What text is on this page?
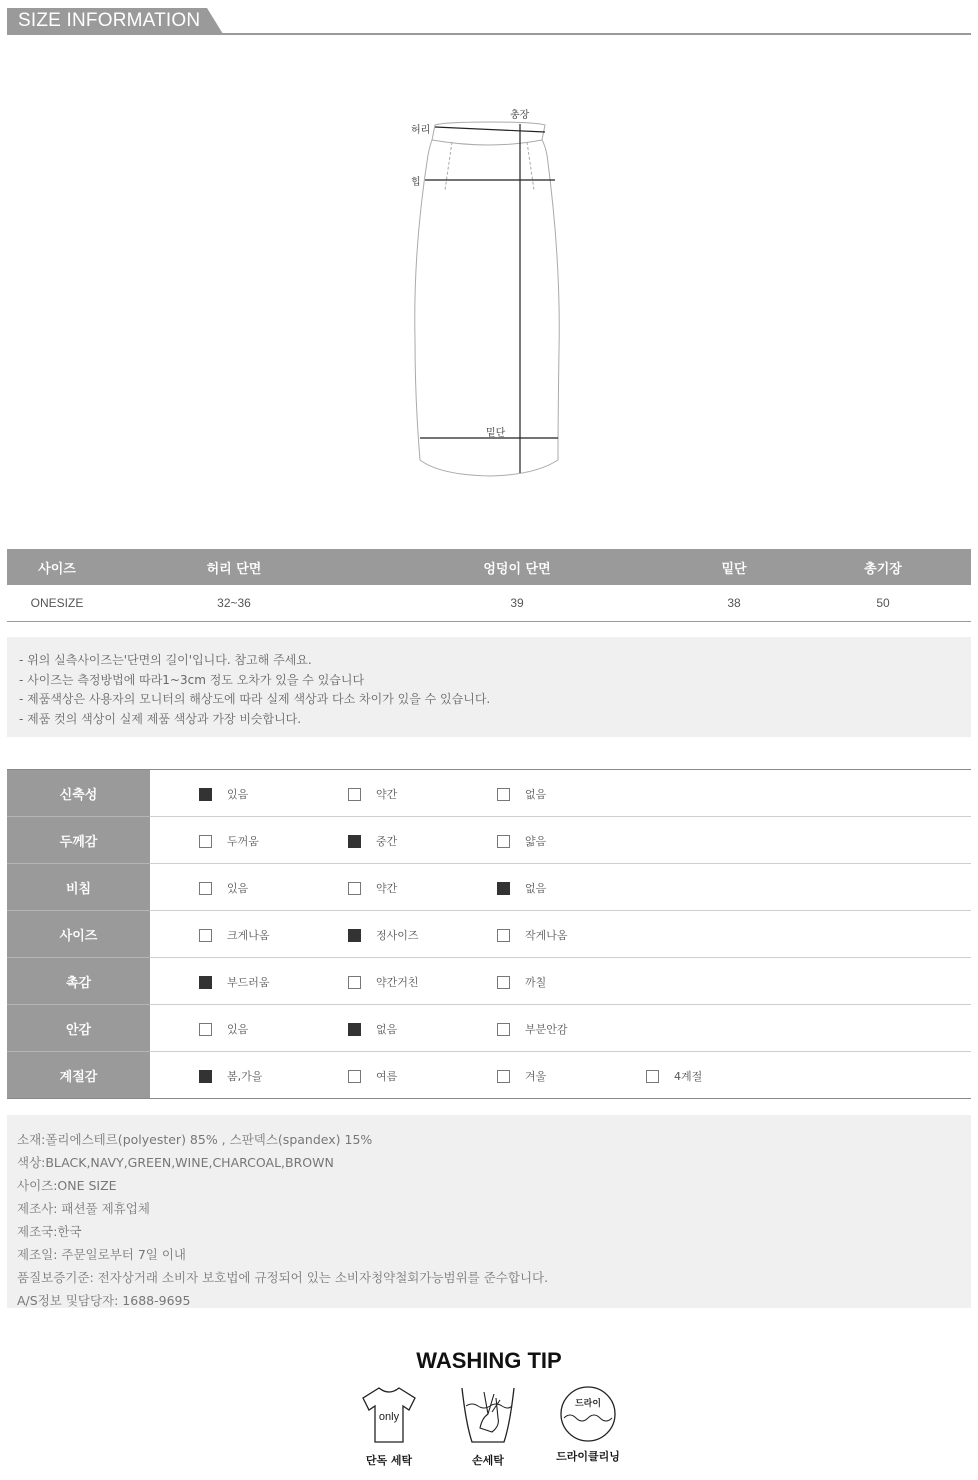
SIZE INFORMATION
총장
허리
힙
밑단
사이즈	허리 단면	엉덩이 단면	밑단	총기장
ONESIZE	32~36	39	38	50
- 위의 실측사이즈는'단면의 길이'입니다. 참고해 주세요.
- 사이즈는 측정방법에 따라1~3cm 정도 오차가 있을 수 있습니다
- 제품색상은 사용자의 모니터의 해상도에 따라 실제 색상과 다소 차이가 있을 수 있습니다.
- 제품 컷의 색상이 실제 제품 색상과 가장 비슷합니다.
신축성	있음 약간 없음

두께감	두꺼움 중간 얇음

비침	있음 약간 없음

사이즈	크게나옴 정사이즈 작게나옴

촉감	부드러움 약간거친 까칠

안감	있음 없음 부분안감

계절감	봄,가을 여름 겨울 4계절
소재:폴리에스테르(polyester) 85% , 스판덱스(spandex) 15%
색상:BLACK,NAVY,GREEN,WINE,CHARCOAL,BROWN
사이즈:ONE SIZE
제조사: 패션풀 제휴업체
제조국:한국
제조일: 주문일로부터 7일 이내
품질보증기준: 전자상거래 소비자 보호법에 규정되어 있는 소비자청약철회가능범위를 준수합니다.
A/S정보 및담당자: 1688-9695
WASHING TIP
only
단독 세탁	손세탁
드라이
드라이클리닝
